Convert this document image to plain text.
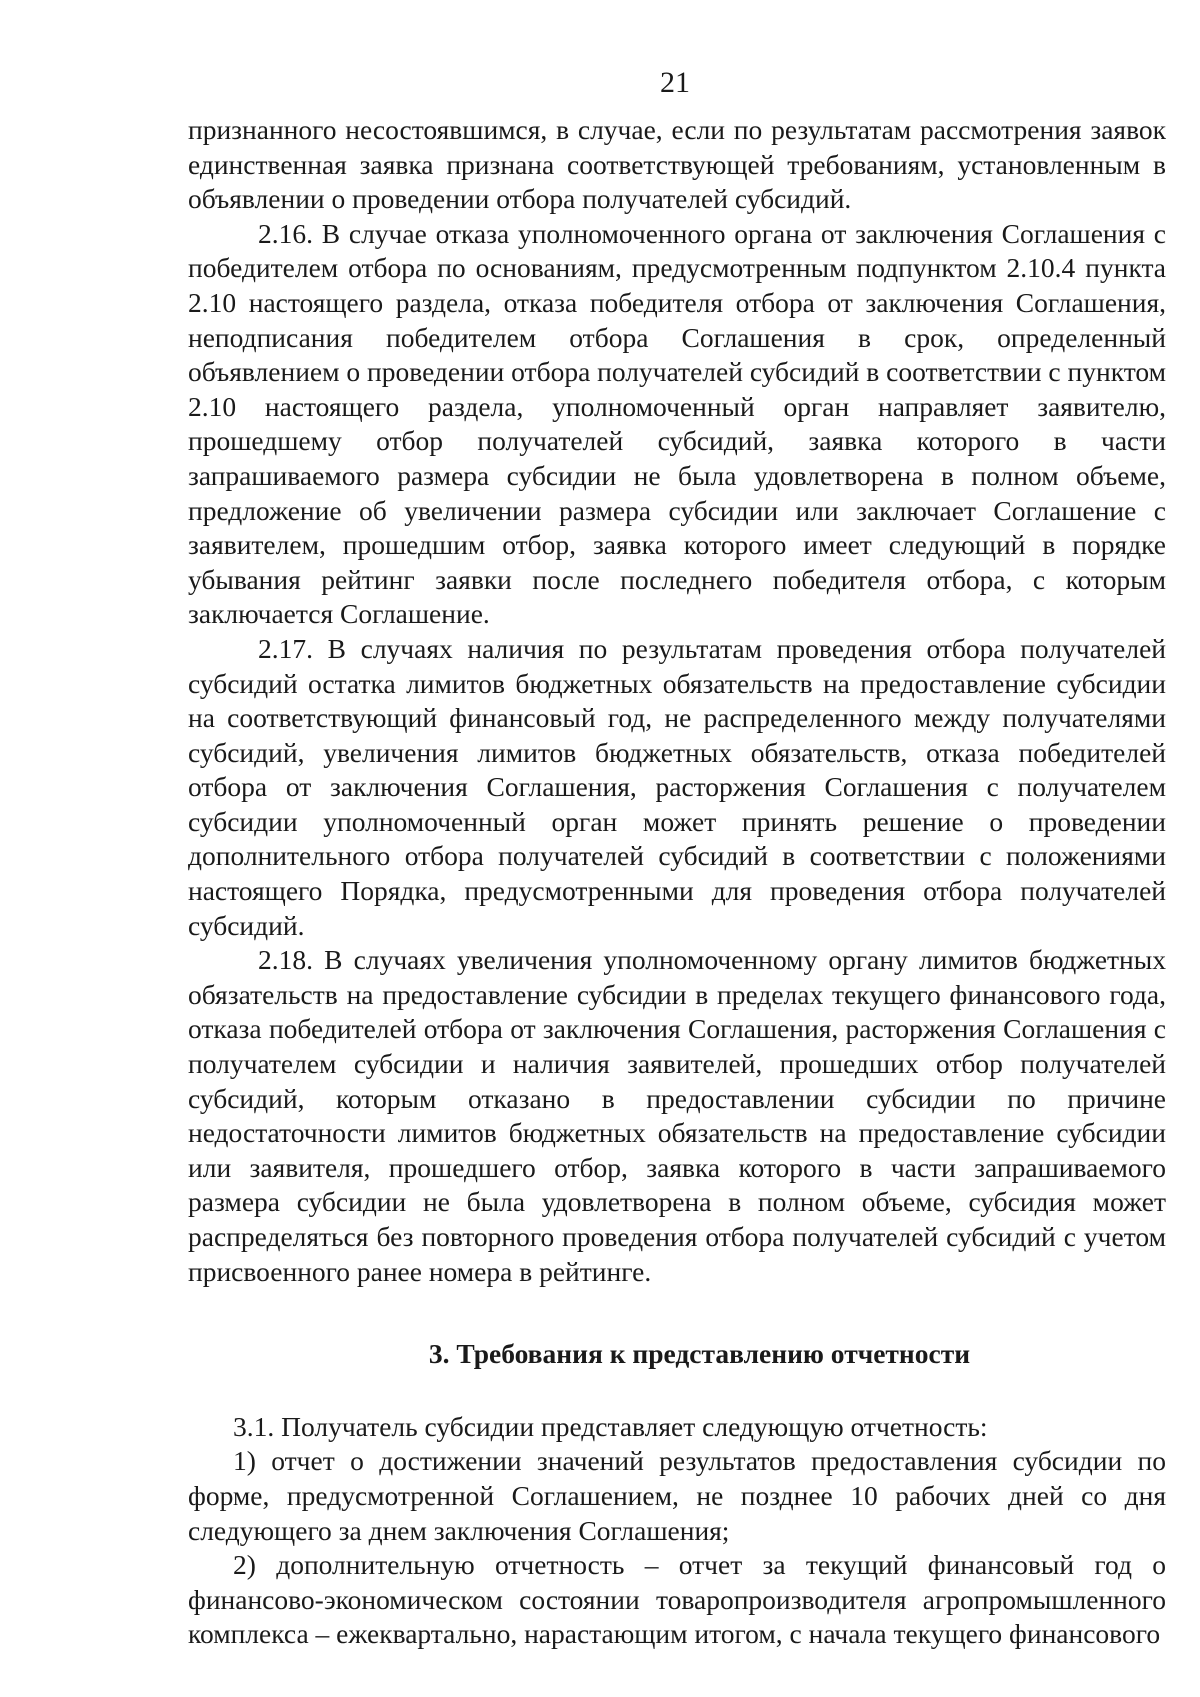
21

признанного несостоявшимся, в случае, если по результатам рассмотрения заявок единственная заявка признана соответствующей требованиям, установленным в объявлении о проведении отбора получателей субсидий.

2.16. В случае отказа уполномоченного органа от заключения Соглашения с победителем отбора по основаниям, предусмотренным подпунктом 2.10.4 пункта 2.10 настоящего раздела, отказа победителя отбора от заключения Соглашения, неподписания победителем отбора Соглашения в срок, определенный объявлением о проведении отбора получателей субсидий в соответствии с пунктом 2.10 настоящего раздела, уполномоченный орган направляет заявителю, прошедшему отбор получателей субсидий, заявка которого в части запрашиваемого размера субсидии не была удовлетворена в полном объеме, предложение об увеличении размера субсидии или заключает Соглашение с заявителем, прошедшим отбор, заявка которого имеет следующий в порядке убывания рейтинг заявки после последнего победителя отбора, с которым заключается Соглашение.

2.17. В случаях наличия по результатам проведения отбора получателей субсидий остатка лимитов бюджетных обязательств на предоставление субсидии на соответствующий финансовый год, не распределенного между получателями субсидий, увеличения лимитов бюджетных обязательств, отказа победителей отбора от заключения Соглашения, расторжения Соглашения с получателем субсидии уполномоченный орган может принять решение о проведении дополнительного отбора получателей субсидий в соответствии с положениями настоящего Порядка, предусмотренными для проведения отбора получателей субсидий.

2.18. В случаях увеличения уполномоченному органу лимитов бюджетных обязательств на предоставление субсидии в пределах текущего финансового года, отказа победителей отбора от заключения Соглашения, расторжения Соглашения с получателем субсидии и наличия заявителей, прошедших отбор получателей субсидий, которым отказано в предоставлении субсидии по причине недостаточности лимитов бюджетных обязательств на предоставление субсидии или заявителя, прошедшего отбор, заявка которого в части запрашиваемого размера субсидии не была удовлетворена в полном объеме, субсидия может распределяться без повторного проведения отбора получателей субсидий с учетом присвоенного ранее номера в рейтинге.

3. Требования к представлению отчетности

3.1. Получатель субсидии представляет следующую отчетность:

1) отчет о достижении значений результатов предоставления субсидии по форме, предусмотренной Соглашением, не позднее 10 рабочих дней со дня следующего за днем заключения Соглашения;

2) дополнительную отчетность – отчет за текущий финансовый год о финансово-экономическом состоянии товаропроизводителя агропромышленного комплекса – ежеквартально, нарастающим итогом, с начала текущего финансового
